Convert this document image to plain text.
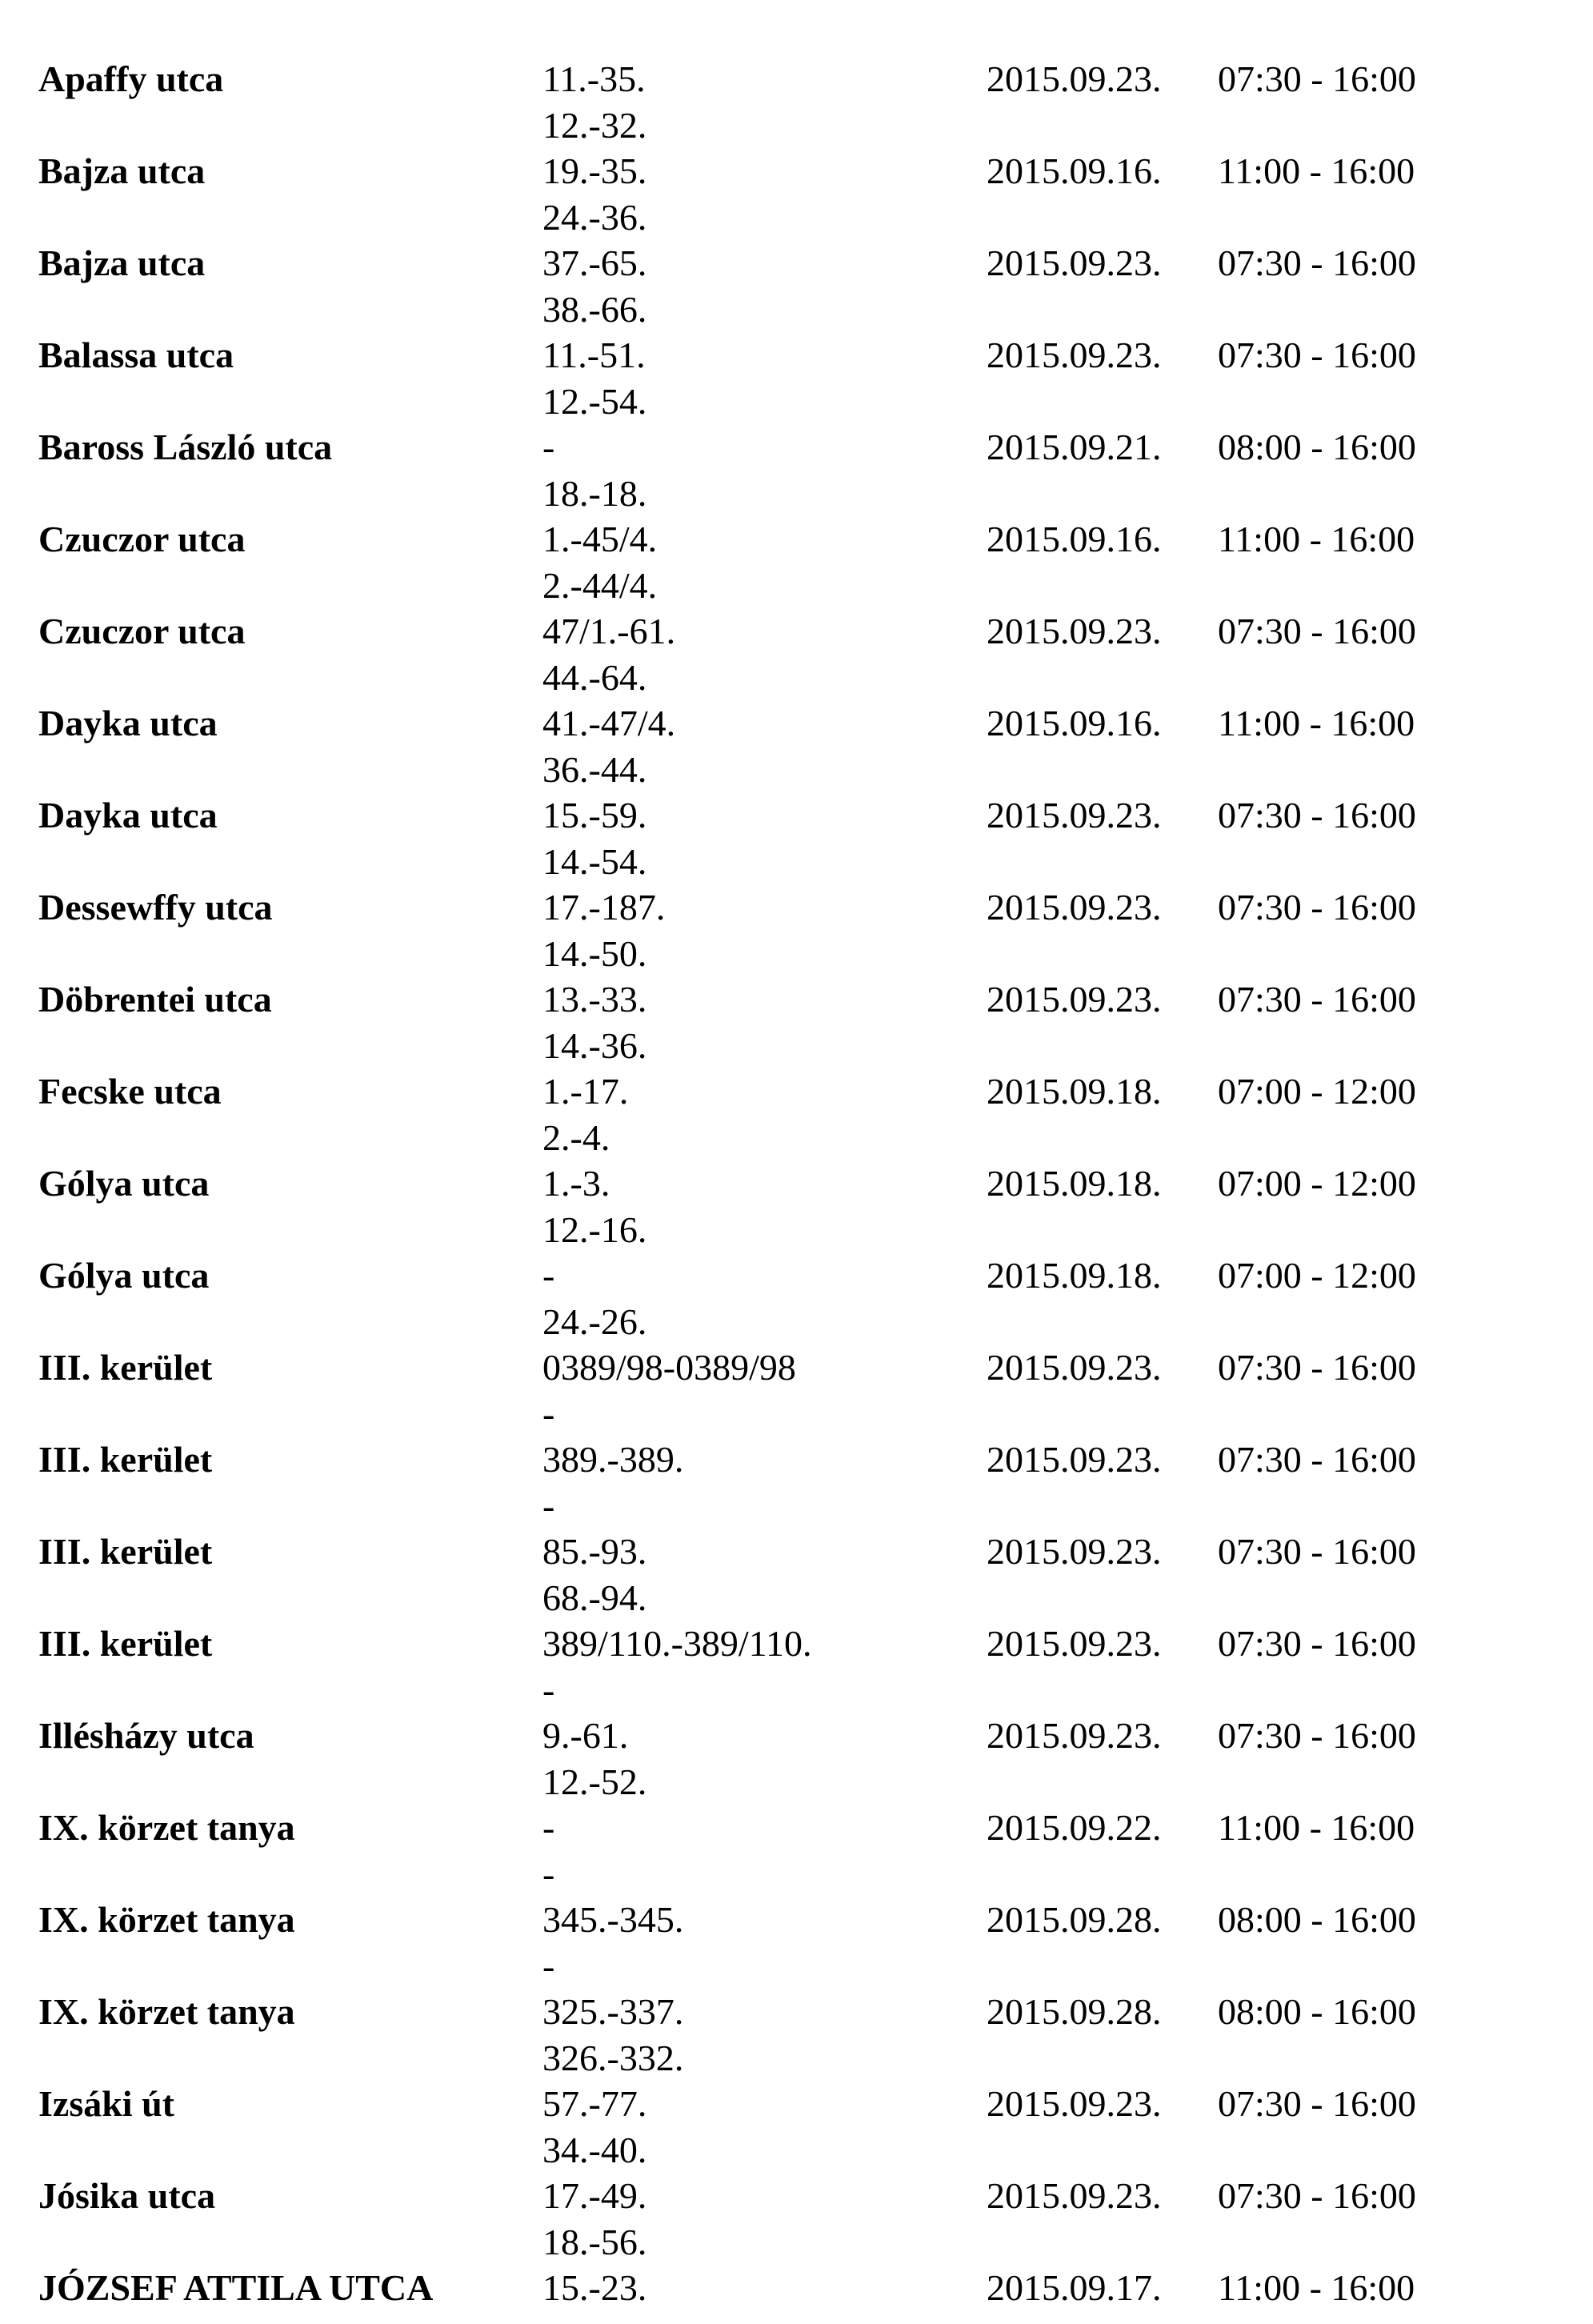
Apaffy utca	11.-35.
12.-32.
2015.09.23. 07:30 - 16:00
Bajza utca	19.-35.
24.-36.
2015.09.16. 11:00 - 16:00
Bajza utca	37.-65.
38.-66.
2015.09.23. 07:30 - 16:00
Balassa utca	11.-51.
12.-54.
2015.09.23. 07:30 - 16:00
Baross László utca	-
18.-18.
2015.09.21. 08:00 - 16:00
Czuczor utca	1.-45/4.
2.-44/4.
2015.09.16. 11:00 - 16:00
Czuczor utca	47/1.-61.
44.-64.
2015.09.23. 07:30 - 16:00
Dayka utca	41.-47/4.
36.-44.
2015.09.16. 11:00 - 16:00
Dayka utca	15.-59.
14.-54.
2015.09.23. 07:30 - 16:00
Dessewffy utca	17.-187.
14.-50.
2015.09.23. 07:30 - 16:00
Döbrentei utca	13.-33.
14.-36.
2015.09.23. 07:30 - 16:00
Fecske utca	1.-17.
2.-4.
2015.09.18. 07:00 - 12:00
Gólya utca	1.-3.
12.-16.
2015.09.18. 07:00 - 12:00
Gólya utca	-
24.-26.
2015.09.18. 07:00 - 12:00
III. kerület	0389/98-0389/98
-
2015.09.23. 07:30 - 16:00
III. kerület	389.-389.
-
2015.09.23. 07:30 - 16:00
III. kerület	85.-93.
68.-94.
2015.09.23. 07:30 - 16:00
III. kerület	389/110.-389/110.
-
2015.09.23. 07:30 - 16:00
Illésházy utca	9.-61.
12.-52.
2015.09.23. 07:30 - 16:00
IX. körzet tanya	-
-
2015.09.22. 11:00 - 16:00
IX. körzet tanya	345.-345.
-
2015.09.28. 08:00 - 16:00
IX. körzet tanya	325.-337.
326.-332.
2015.09.28. 08:00 - 16:00
Izsáki út	57.-77.
34.-40.
2015.09.23. 07:30 - 16:00
Jósika utca	17.-49.
18.-56.
2015.09.23. 07:30 - 16:00
JÓZSEF ATTILA UTCA	15.-23.	2015.09.17. 11:00 - 16:00
